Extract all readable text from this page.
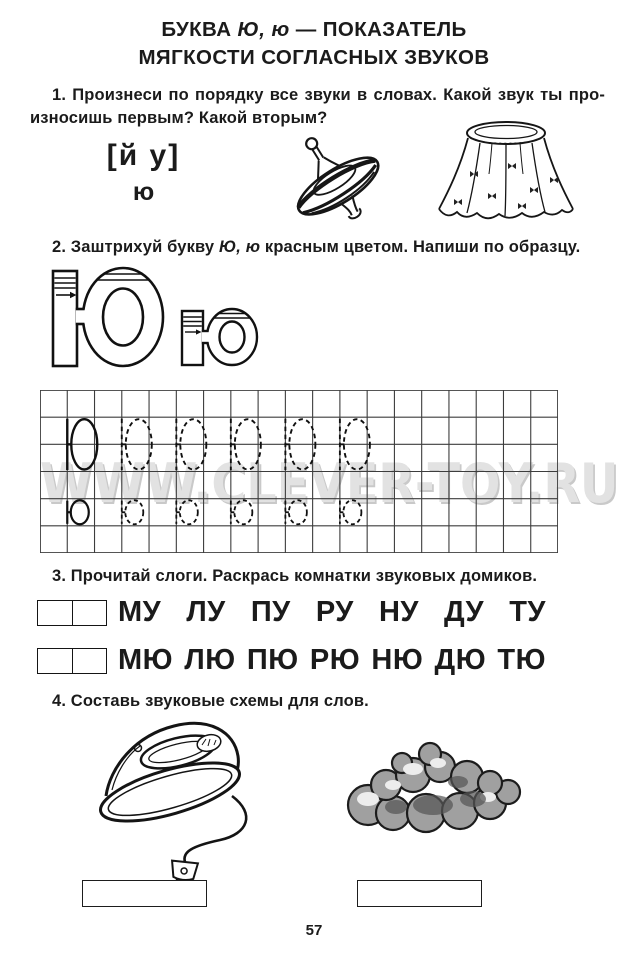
БУКВА Ю, ю — ПОКАЗАТЕЛЬ
МЯГКОСТИ СОГЛАСНЫХ ЗВУКОВ
1. Произнеси по порядку все звуки в словах. Какой звук ты про-
износишь первым? Какой вторым?
[й у]
ю
2. Заштрихуй букву Ю, ю красным цветом. Напиши по образцу.
WWW.CLEVER-TOY.RU
3. Прочитай слоги. Раскрась комнатки звуковых домиков.
МУ ЛУ ПУ РУ НУ ДУ ТУ
МЮ ЛЮ ПЮ РЮ НЮ ДЮ ТЮ
4. Составь звуковые схемы для слов.
57
